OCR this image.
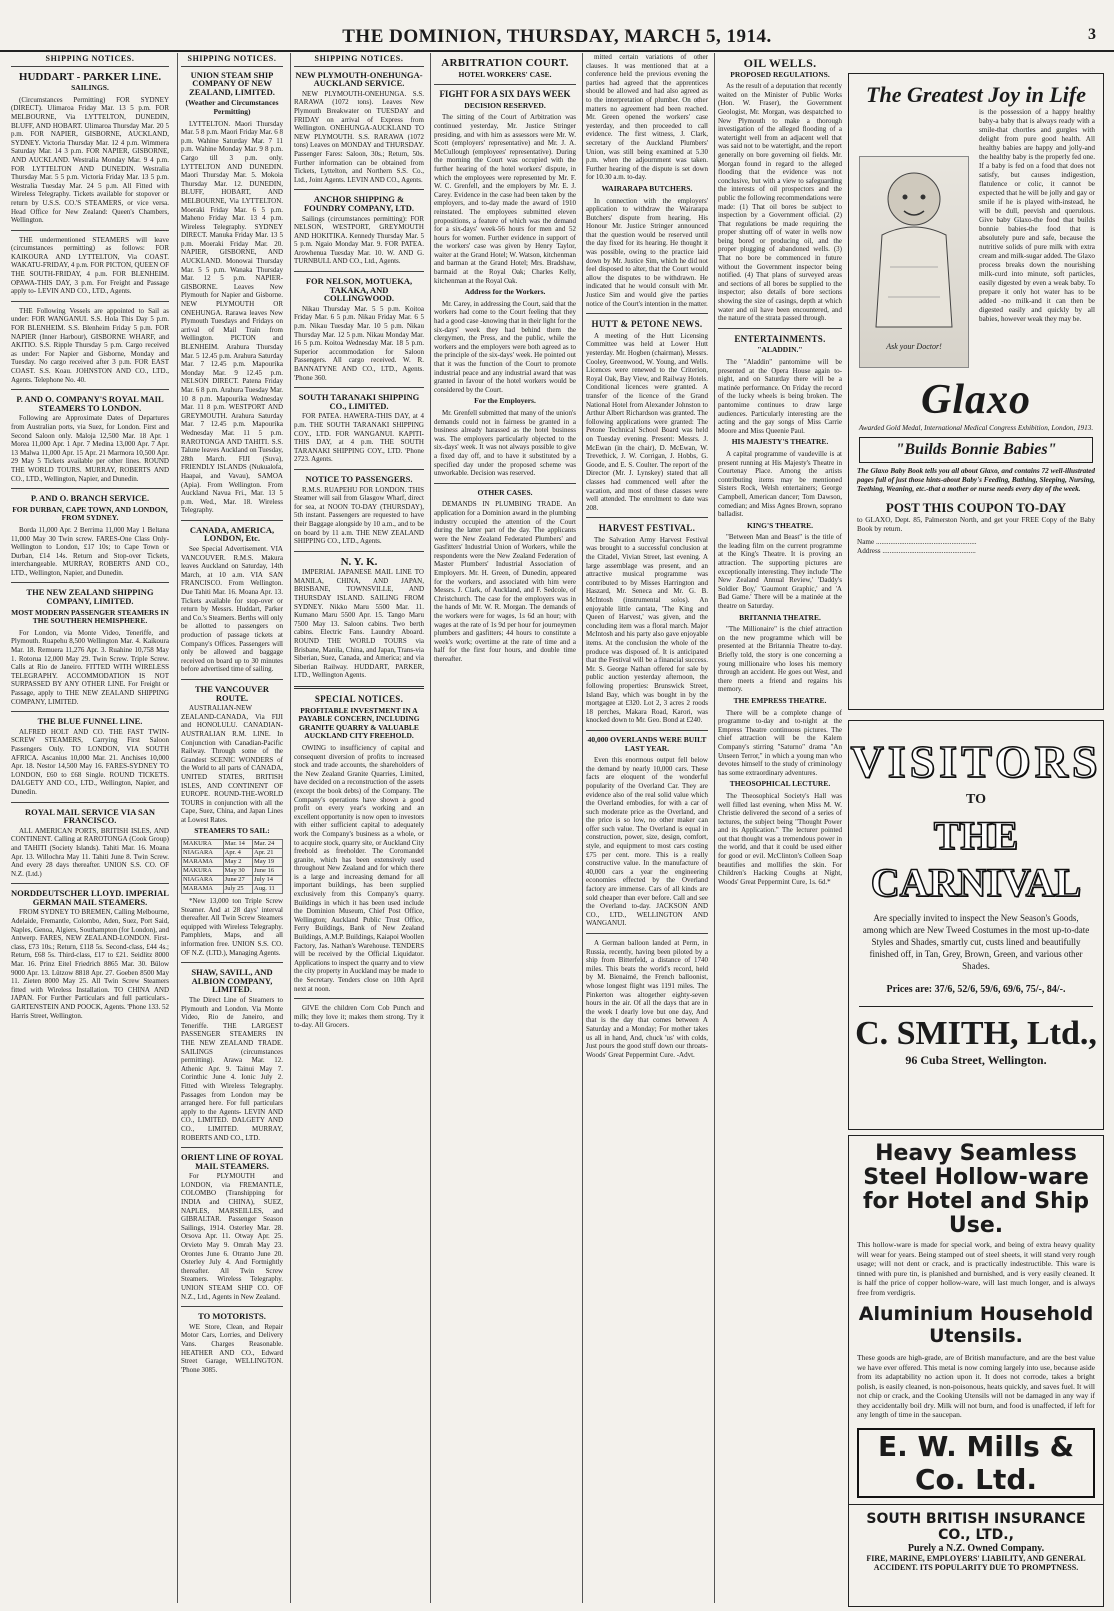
THE DOMINION, THURSDAY, MARCH 5, 1914.	3
SHIPPING NOTICES.
HUDDART - PARKER LINE.
SAILINGS.

(Circumstances Permitting) FOR SYDNEY (DIRECT). Ulimaroa Friday Mar. 13 5 p.m. FOR MELBOURNE, Via LYTTELTON, DUNEDIN, BLUFF, AND HOBART. Ulimaroa Thursday Mar. 20 5 p.m. FOR NAPIER, GISBORNE, AUCKLAND, SYDNEY. Victoria Thursday Mar. 12 4 p.m. Wimmera Saturday Mar. 14 3 p.m. FOR NAPIER, GISBORNE, AND AUCKLAND. Westralia Monday Mar. 9 4 p.m. FOR LYTTELTON AND DUNEDIN. Westralia Thursday Mar. 5 5 p.m. Victoria Friday Mar. 13 5 p.m. Westralia Tuesday Mar. 24 5 p.m. All Fitted with Wireless Telegraphy. Tickets available for stopover or return by U.S.S. CO.'S STEAMERS, or vice versa. Head Office for New Zealand: Queen's Chambers, Wellington.

THE undermentioned STEAMERS will leave (circumstances permitting) as follows: FOR KAIKOURA AND LYTTELTON, Via COAST. WAKATU-FRIDAY, 4 p.m. FOR PICTON, QUEEN OF THE SOUTH-FRIDAY, 4 p.m. FOR BLENHEIM. OPAWA-THIS DAY, 3 p.m. For Freight and Passage apply to- LEVIN AND CO., LTD., Agents.

THE Following Vessels are appointed to Sail as under: FOR WANGANUI. S.S. Hola This Day 5 p.m. FOR BLENHEIM. S.S. Blenheim Friday 5 p.m. FOR NAPIER (Inner Harbour), GISBORNE WHARF, and AKITIO. S.S. Ripple Thursday 5 p.m. Cargo received as under: For Napier and Gisborne, Monday and Tuesday. No cargo received after 3 p.m. FOR EAST COAST. S.S. Koau. JOHNSTON AND CO., LTD., Agents. Telephone No. 40.

P. AND O. COMPANY'S ROYAL MAIL STEAMERS TO LONDON.

Following are Approximate Dates of Departures from Australian ports, via Suez, for London. First and Second Saloon only. Maloja 12,500 Mar. 18 Apr. 1 Morea 11,000 Apr. 1 Apr. 7 Medina 13,000 Apr. 7 Apr. 13 Malwa 11,000 Apr. 15 Apr. 21 Marmora 10,500 Apr. 29 May 5 Tickets available per other lines. ROUND THE WORLD TOURS. MURRAY, ROBERTS AND CO., LTD., Wellington, Napier, and Dunedin.

P. AND O. BRANCH SERVICE.
FOR DURBAN, CAPE TOWN, AND LONDON, FROM SYDNEY.

Borda 11,000 Apr. 2 Berrima 11,000 May 1 Beltana 11,000 May 30 Twin screw. FARES-One Class Only-Wellington to London, £17 10s; to Cape Town or Durban, £14 14s. Return and Stop-over Tickets, interchangeable. MURRAY, ROBERTS AND CO., LTD., Wellington, Napier, and Dunedin.

THE NEW ZEALAND SHIPPING COMPANY, LIMITED.
MOST MODERN PASSENGER STEAMERS IN THE SOUTHERN HEMISPHERE.

For London, via Monte Video, Teneriffe, and Plymouth. Ruapehu 8,500 Wellington Mar. 4. Kaikoura Mar. 18. Remuera 11,276 Apr. 3. Ruahine 10,758 May 1. Rotorua 12,000 May 29. Twin Screw. Triple Screw. Calls at Rio de Janeiro. FITTED WITH WIRELESS TELEGRAPHY. ACCOMMODATION IS NOT SURPASSED BY ANY OTHER LINE. For Freight or Passage, apply to THE NEW ZEALAND SHIPPING COMPANY, LIMITED.

THE BLUE FUNNEL LINE.

ALFRED HOLT AND CO. THE FAST TWIN-SCREW STEAMERS, Carrying First Saloon Passengers Only. TO LONDON, VIA SOUTH AFRICA. Ascanius 10,000 Mar. 21. Anchises 10,000 Apr. 18. Nestor 14,500 May 16. FARES-SYDNEY TO LONDON, £60 to £68 Single. ROUND TICKETS. DALGETY AND CO., LTD., Wellington, Napier, and Dunedin.

ROYAL MAIL SERVICE VIA SAN FRANCISCO.

ALL AMERICAN PORTS, BRITISH ISLES, AND CONTINENT. Calling at RAROTONGA (Cook Group) and TAHITI (Society Islands). Tahiti Mar. 16. Moana Apr. 13. Willochra May 11. Tahiti June 8. Twin Screw. And every 28 days thereafter. UNION S.S. CO. OF N.Z. (Ltd.)

NORDDEUTSCHER LLOYD. IMPERIAL GERMAN MAIL STEAMERS.

FROM SYDNEY TO BREMEN, Calling Melbourne, Adelaide, Fremantle, Colombo, Aden, Suez, Port Said, Naples, Genoa, Algiers, Southampton (for London), and Antwerp. FARES, NEW ZEALAND-LONDON. First-class, £73 10s.; Return, £118 5s. Second-class, £44 4s.; Return, £68 5s. Third-class, £17 to £21. Seidlitz 8000 Mar. 16. Prinz Eitel Friedrich 8865 Mar. 30. Bülow 9000 Apr. 13. Lützow 8818 Apr. 27. Goeben 8500 May 11. Zieten 8000 May 25. All Twin Screw Steamers fitted with Wireless Installation. TO CHINA AND JAPAN. For Further Particulars and full particulars.-GARTENSTEIN AND POOCK, Agents. 'Phone 133. 52 Harris Street, Wellington.

SHIPPING NOTICES.
UNION STEAM SHIP COMPANY OF NEW ZEALAND, LIMITED.
(Weather and Circumstances Permitting)

LYTTELTON. Maori Thursday Mar. 5 8 p.m. Maori Friday Mar. 6 8 p.m. Wahine Saturday Mar. 7 11 p.m. Wahine Monday Mar. 9 8 p.m. Cargo till 3 p.m. only. LYTTELTON AND DUNEDIN. Maori Thursday Mar. 5. Mokoia Thursday Mar. 12. DUNEDIN, BLUFF, HOBART, AND MELBOURNE, Via LYTTELTON. Moeraki Friday Mar. 6 5 p.m. Maheno Friday Mar. 13 4 p.m. Wireless Telegraphy. SYDNEY DIRECT. Manuka Friday Mar. 13 5 p.m. Moeraki Friday Mar. 20. NAPIER, GISBORNE, AND AUCKLAND. Monowai Thursday Mar. 5 5 p.m. Wanaka Thursday Mar. 12 5 p.m. NAPIER-GISBORNE. Leaves New Plymouth for Napier and Gisborne. NEW PLYMOUTH OR ONEHUNGA. Rarawa leaves New Plymouth Tuesdays and Fridays on arrival of Mail Train from Wellington. PICTON and BLENHEIM. Arahura Thursday Mar. 5 12.45 p.m. Arahura Saturday Mar. 7 12.45 p.m. Mapourika Monday Mar. 9 12.45 p.m. NELSON DIRECT. Patena Friday Mar. 6 8 p.m. Arahura Tuesday Mar. 10 8 p.m. Mapourika Wednesday Mar. 11 8 p.m. WESTPORT AND GREYMOUTH. Arahura Saturday Mar. 7 12.45 p.m. Mapourika Wednesday Mar. 11 5 p.m. RAROTONGA AND TAHITI. S.S. Talune leaves Auckland on Tuesday, 28th March. FIJI (Suva), FRIENDLY ISLANDS (Nukualofa, Haapai, and Vavau), SAMOA (Apia). From Wellington. From Auckland Navua Fri., Mar. 13 5 p.m. Wed., Mar. 18. Wireless Telegraphy.

CANADA, AMERICA, LONDON, Etc.

See Special Advertisement. VIA VANCOUVER. R.M.S. Makura leaves Auckland on Saturday, 14th March, at 10 a.m. VIA SAN FRANCISCO. From Wellington. Due Tahiti Mar. 16. Moana Apr. 13. Tickets available for stop-over or return by Messrs. Huddart, Parker and Co.'s Steamers. Berths will only be allotted to passengers on production of passage tickets at Company's Offices. Passengers will only be allowed and baggage received on board up to 30 minutes before advertised time of sailing.

THE VANCOUVER ROUTE.

AUSTRALIAN-NEW ZEALAND-CANADA, Via FIJI and HONOLULU. CANADIAN-AUSTRALIAN R.M. LINE. In Conjunction with Canadian-Pacific Railway. Through some of the Grandest SCENIC WONDERS of the World to all parts of CANADA, UNITED STATES, BRITISH ISLES, AND CONTINENT OF EUROPE. ROUND-THE-WORLD TOURS in conjunction with all the Cape, Suez, China, and Japan Lines at Lowest Rates.

STEAMERS TO SAIL:
MAKURA	Mar. 14	Mar. 24
NIAGARA	Apr. 4	Apr. 21
MARAMA	May 2	May 19
MAKURA	May 30	June 16
NIAGARA	June 27	July 14
MARAMA	July 25	Aug. 11

*New 13,000 ton Triple Screw Steamer. And at 28 days' interval thereafter. All Twin Screw Steamers equipped with Wireless Telegraphy. Pamphlets, Maps, and all information free. UNION S.S. CO. OF N.Z. (LTD.), Managing Agents.

SHAW, SAVILL, AND ALBION COMPANY, LIMITED.

The Direct Line of Steamers to Plymouth and London. Via Monte Video, Rio de Janeiro, and Teneriffe. THE LARGEST PASSENGER STEAMERS IN THE NEW ZEALAND TRADE. SAILINGS (circumstances permitting). Arawa Mar. 12. Athenic Apr. 9. Tainui May 7. Corinthic June 4. Ionic July 2. Fitted with Wireless Telegraphy. Passages from London may be arranged here. For full particulars apply to the Agents- LEVIN AND CO., LIMITED. DALGETY AND CO., LIMITED. MURRAY, ROBERTS AND CO., LTD.

ORIENT LINE OF ROYAL MAIL STEAMERS.

For PLYMOUTH and LONDON, via FREMANTLE, COLOMBO (Transhipping for INDIA and CHINA), SUEZ, NAPLES, MARSEILLES, and GIBRALTAR. Passenger Season Sailings, 1914. Osterley Mar. 28. Orsova Apr. 11. Otway Apr. 25. Orvieto May 9. Omrah May 23. Orontes June 6. Otranto June 20. Osterley July 4. And Fortnightly thereafter. All Twin Screw Steamers. Wireless Telegraphy. UNION STEAM SHIP CO. OF N.Z., Ltd., Agents in New Zealand.

TO MOTORISTS.

WE Store, Clean, and Repair Motor Cars, Lorries, and Delivery Vans. Charges Reasonable. HEATHER AND CO., Edward Street Garage, WELLINGTON. 'Phone 3085.

SHIPPING NOTICES.
NEW PLYMOUTH-ONEHUNGA-AUCKLAND SERVICE.

NEW PLYMOUTH-ONEHUNGA. S.S. RARAWA (1072 tons). Leaves New Plymouth Breakwater on TUESDAY and FRIDAY on arrival of Express from Wellington. ONEHUNGA-AUCKLAND TO NEW PLYMOUTH. S.S. RARAWA (1072 tons) Leaves on MONDAY and THURSDAY. Passenger Fares: Saloon, 30s.; Return, 50s. Further information can be obtained from Tickets, Lyttelton, and Northern S.S. Co., Ltd., Joint Agents. LEVIN AND CO., Agents.

ANCHOR SHIPPING & FOUNDRY COMPANY, LTD.

Sailings (circumstances permitting): FOR NELSON, WESTPORT, GREYMOUTH AND HOKITIKA. Kennedy Thursday Mar. 5 5 p.m. Ngaio Monday Mar. 9. FOR PATEA. Arowhenua Tuesday Mar. 10. W. AND G. TURNBULL AND CO., Ltd., Agents.

FOR NELSON, MOTUEKA, TAKAKA, AND COLLINGWOOD.

Nikau Thursday Mar. 5 5 p.m. Koitoa Friday Mar. 6 5 p.m. Nikau Friday Mar. 6 5 p.m. Nikau Tuesday Mar. 10 5 p.m. Nikau Thursday Mar. 12 5 p.m. Nikau Monday Mar. 16 5 p.m. Koitoa Wednesday Mar. 18 5 p.m. Superior accommodation for Saloon Passengers. All cargo received. W. R. BANNATYNE AND CO., LTD., Agents. 'Phone 360.

SOUTH TARANAKI SHIPPING CO., LIMITED.

FOR PATEA. HAWERA-THIS DAY, at 4 p.m. THE SOUTH TARANAKI SHIPPING COY., LTD. FOR WANGANUI. KAPITI-THIS DAY, at 4 p.m. THE SOUTH TARANAKI SHIPPING COY., LTD. 'Phone 2723. Agents.

NOTICE TO PASSENGERS.

R.M.S. RUAPEHU FOR LONDON. THIS Steamer will sail from Glasgow Wharf, direct for sea, at NOON TO-DAY (THURSDAY), 5th instant. Passengers are requested to have their Baggage alongside by 10 a.m., and to be on board by 11 a.m. THE NEW ZEALAND SHIPPING CO., LTD., Agents.

N. Y. K.

IMPERIAL JAPANESE MAIL LINE TO MANILA, CHINA, AND JAPAN, BRISBANE, TOWNSVILLE, AND THURSDAY ISLAND. SAILING FROM SYDNEY. Nikko Maru 5500 Mar. 11. Kumano Maru 5500 Apr. 15. Tango Maru 7500 May 13. Saloon cabins. Two berth cabins. Electric Fans. Laundry Aboard. ROUND THE WORLD TOURS via Brisbane, Manila, China, and Japan, Trans-via Siberian, Suez, Canada, and America; and via Siberian Railway. HUDDART, PARKER, LTD., Wellington Agents.

SPECIAL NOTICES.
PROFITABLE INVESTMENT IN A PAYABLE CONCERN, INCLUDING GRANITE QUARRY & VALUABLE AUCKLAND CITY FREEHOLD.

OWING to insufficiency of capital and consequent diversion of profits to increased stock and trade accounts, the shareholders of the New Zealand Granite Quarries, Limited, have decided on a reconstruction of the assets (except the book debts) of the Company. The Company's operations have shown a good profit on every year's working and an excellent opportunity is now open to investors with either sufficient capital to adequately work the Company's business as a whole, or to acquire stock, quarry site, or Auckland City freehold as freeholder. The Coromandel granite, which has been extensively used throughout New Zealand and for which there is a large and increasing demand for all important buildings, has been supplied exclusively from this Company's quarry. Buildings in which it has been used include the Dominion Museum, Chief Post Office, Wellington; Auckland Public Trust Office, Ferry Buildings, Bank of New Zealand Buildings, A.M.P. Buildings, Kaiapoi Woollen Factory, Jas. Nathan's Warehouse. TENDERS will be received by the Official Liquidator. Applications to inspect the quarry and to view the city property in Auckland may be made to the Secretary. Tenders close on 10th April next at noon.

GIVE the children Corn Cob Punch and milk; they love it; makes them strong. Try it to-day. All Grocers.

ARBITRATION COURT.
HOTEL WORKERS' CASE.
FIGHT FOR A SIX DAYS WEEK
DECISION RESERVED.

The sitting of the Court of Arbitration was continued yesterday, Mr. Justice Stringer presiding, and with him as assessors were Mr. W. Scott (employers' representative) and Mr. J. A. McCullough (employees' representative). During the morning the Court was occupied with the further hearing of the hotel workers' dispute, in which the employees were represented by Mr. F. W. C. Grenfell, and the employers by Mr. E. J. Carey. Evidence in the case had been taken by the employers, and to-day made the award of 1910 reinstated. The employees submitted eleven propositions, a feature of which was the demand for a six-days' week-56 hours for men and 52 hours for women. Further evidence in support of the workers' case was given by Henry Taylor, waiter at the Grand Hotel; W. Watson, kitchenman and barman at the Grand Hotel; Mrs. Bradshaw, barmaid at the Royal Oak; Charles Kelly, kitchenman at the Royal Oak.

Address for the Workers.

Mr. Carey, in addressing the Court, said that the workers had come to the Court feeling that they had a good case -knowing that in their light for the six-days' week they had behind them the clergymen, the Press, and the public, while the workers and the employers were both agreed as to the principle of the six-days' week. He pointed out that it was the function of the Court to promote industrial peace and any industrial award that was granted in favour of the hotel workers would be considered by the Court.

For the Employers.

Mr. Grenfell submitted that many of the union's demands could not in fairness be granted in a business already harassed as the hotel business was. The employers particularly objected to the six-days' week. It was not always possible to give a fixed day off, and to have it substituted by a specified day under the proposed scheme was unworkable. Decision was reserved.

OTHER CASES.

DEMANDS IN PLUMBING TRADE. An application for a Dominion award in the plumbing industry occupied the attention of the Court during the latter part of the day. The applicants were the New Zealand Federated Plumbers' and Gasfitters' Industrial Union of Workers, while the respondents were the New Zealand Federation of Master Plumbers' Industrial Association of Employers. Mr. H. Green, of Dunedin, appeared for the workers, and associated with him were Messrs. J. Clark, of Auckland, and F. Sedcole, of Christchurch. The case for the employers was in the hands of Mr. W. R. Morgan. The demands of the workers were for wages, 1s 6d an hour; with wages at the rate of 1s 9d per hour for journeymen plumbers and gasfitters; 44 hours to constitute a week's work; overtime at the rate of time and a half for the first four hours, and double time thereafter.

mitted certain variations of other clauses. It was mentioned that at a conference held the previous evening the parties had agreed that the apprentices should be allowed and had also agreed as to the interpretation of plumber. On other matters no agreement had been reached. Mr. Green opened the workers' case yesterday, and then proceeded to call evidence. The first witness, J. Clark, secretary of the Auckland Plumbers' Union, was still being examined at 5.30 p.m. when the adjournment was taken. Further hearing of the dispute is set down for 10.30 a.m. to-day.

WAIRARAPA BUTCHERS.

In connection with the employers' application to withdraw the Wairarapa Butchers' dispute from hearing, His Honour Mr. Justice Stringer announced that the question would be reserved until the day fixed for its hearing. He thought it was possible, owing to the practice laid down by Mr. Justice Sim, which he did not feel disposed to alter, that the Court would allow the disputes to be withdrawn. He indicated that he would consult with Mr. Justice Sim and would give the parties notice of the Court's intention in the matter.

HUTT & PETONE NEWS.

A meeting of the Hutt Licensing Committee was held at Lower Hutt yesterday. Mr. Hogben (chairman), Messrs. Cooley, Greenwood, W. Young, and Wells. Licences were renewed to the Criterion, Royal Oak, Bay View, and Railway Hotels. Conditional licences were granted. A transfer of the licence of the Grand National Hotel from Alexander Johnston to Arthur Albert Richardson was granted. The following applications were granted: The Petone Technical School Board was held on Tuesday evening. Present: Messrs. J. McEwan (in the chair), D. McEwan, W. Trevethick, J. W. Corrigan, J. Hobbs, G. Goode, and E. S. Coulter. The report of the Director (Mr. J. Lynskey) stated that all classes had commenced well after the vacation, and most of these classes were well attended. The enrolment to date was 208.

HARVEST FESTIVAL.

The Salvation Army Harvest Festival was brought to a successful conclusion at the Citadel, Vivian Street, last evening. A large assemblage was present, and an attractive musical programme was contributed to by Misses Harrington and Haszard, Mr. Seneca and Mr. G. B. McIntosh (instrumental solos). An enjoyable little cantata, 'The King and Queen of Harvest,' was given, and the concluding item was a floral march. Major McIntosh and his party also gave enjoyable items. At the conclusion the whole of the produce was disposed of. It is anticipated that the Festival will be a financial success. Mr. S. George Nathan offered for sale by public auction yesterday afternoon, the following properties: Brunswick Street, Island Bay, which was bought in by the mortgagee at £320. Lot 2, 3 acres 2 roods 18 perches, Makara Road, Karori, was knocked down to Mr. Geo. Bond at £240.

40,000 OVERLANDS WERE BUILT LAST YEAR.

Even this enormous output fell below the demand by nearly 10,000 cars. These facts are eloquent of the wonderful popularity of the Overland Car. They are evidence also of the real solid value which the Overland embodies, for with a car of such moderate price as the Overland, and the price is so low, no other maker can offer such value. The Overland is equal in construction, power, size, design, comfort, style, and equipment to most cars costing £75 per cent. more. This is a really constructive value. In the manufacture of 40,000 cars a year the engineering economies effected by the Overland factory are immense. Cars of all kinds are sold cheaper than ever before. Call and see the Overland to-day. JACKSON AND CO., LTD., WELLINGTON AND WANGANUI.

A German balloon landed at Perm, in Russia, recently, having been piloted by a ship from Bitterfeld, a distance of 1740 miles. This beats the world's record, held by M. Bienaimé, the French balloonist, whose longest flight was 1191 miles. The Pinkerton was altogether eighty-seven hours in the air. Of all the days that are in the week I dearly love but one day, And that is the day that comes between A Saturday and a Monday; For mother takes us all in hand, And, chuck 'us' with colds, Just pours the good stuff down our throats- Woods' Great Peppermint Cure. -Advt.

OIL WELLS.
PROPOSED REGULATIONS.

As the result of a deputation that recently waited on the Minister of Public Works (Hon. W. Fraser), the Government Geologist, Mr. Morgan, was despatched to New Plymouth to make a thorough investigation of the alleged flooding of a watertight well from an adjacent well that was said not to be watertight, and the report generally on bore governing oil fields. Mr. Morgan found in regard to the alleged flooding that the evidence was not conclusive, but with a view to safeguarding the interests of oil prospectors and the public the following recommendations were made: (1) That oil bores be subject to inspection by a Government official. (2) That regulations be made requiring the proper shutting off of water in wells now being bored or producing oil, and the proper plugging of abandoned wells. (3) That no bore be commenced in future without the Government inspector being notified. (4) That plans of surveyed areas and sections of all bores be supplied to the inspector; also details of bore sections showing the size of casings, depth at which water and oil have been encountered, and the nature of the strata passed through.

ENTERTAINMENTS.
"ALADDIN."

The "Aladdin" pantomime will be presented at the Opera House again to-night, and on Saturday there will be a matinée performance. On Friday the record of the lucky wheels is being broken. The pantomime continues to draw large audiences. Particularly interesting are the acting and the gay songs of Miss Carrie Moore and Miss Queenie Paul.

HIS MAJESTY'S THEATRE.

A capital programme of vaudeville is at present running at His Majesty's Theatre in Courtenay Place. Among the artists contributing items may be mentioned Sisters Rock, Welsh entertainers; George Campbell, American dancer; Tom Dawson, comedian; and Miss Agnes Brown, soprano balladist.

KING'S THEATRE.

"Between Man and Beast" is the title of the leading film on the current programme at the King's Theatre. It is proving an attraction. The supporting pictures are exceptionally interesting. They include 'The New Zealand Annual Review,' 'Daddy's Soldier Boy,' 'Gaumont Graphic,' and 'A Bad Game.' There will be a matinée at the theatre on Saturday.

BRITANNIA THEATRE.

"The Millionaire" is the chief attraction on the new programme which will be presented at the Britannia Theatre to-day. Briefly told, the story is one concerning a young millionaire who loses his memory through an accident. He goes out West, and there meets a friend and regains his memory.

THE EMPRESS THEATRE.

There will be a complete change of programme to-day and to-night at the Empress Theatre continuous pictures. The chief attraction will be the Kalem Company's stirring "Saturno" drama "An Unseen Terror," in which a young man who devotes himself to the study of criminology has some extraordinary adventures.

THEOSOPHICAL LECTURE.

The Theosophical Society's Hall was well filled last evening, when Miss M. W. Christie delivered the second of a series of lectures, the subject being "Thought Power and its Application." The lecturer pointed out that thought was a tremendous power in the world, and that it could be used either for good or evil. McClinton's Colleen Soap beautifies and mollifies the skin. For Children's Hacking Coughs at Night, Woods' Great Peppermint Cure, 1s. 6d.*

The Greatest Joy in Life
Ask your Doctor!
is the possession of a happy healthy baby-a baby that is always ready with a smile-that chortles and gurgles with delight from pure good health. All healthy babies are happy and jolly-and the healthy baby is the properly fed one. If a baby is fed on a food that does not satisfy, but causes indigestion, flatulence or colic, it cannot be expected that he will be jolly and gay or smile if he is played with-instead, he will be dull, peevish and querulous. Give baby Glaxo-the food that builds bonnie babies-the food that is absolutely pure and safe, because the nutritive solids of pure milk with extra cream and milk-sugar added. The Glaxo process breaks down the nourishing milk-curd into minute, soft particles, easily digested by even a weak baby. To prepare it only hot water has to be added -no milk-and it can then be digested easily and quickly by all babies, however weak they may be.
Glaxo
Awarded Gold Medal, International Medical Congress Exhibition, London, 1913.
"Builds Bonnie Babies"
The Glaxo Baby Book tells you all about Glaxo, and contains 72 well-illustrated pages full of just those hints-about Baby's Feeding, Bathing, Sleeping, Nursing, Teething, Weaning, etc.-that a mother or nurse needs every day of the week.
POST THIS COUPON TO-DAY
to GLAXO, Dept. 85, Palmerston North, and get your FREE Copy of the Baby Book by return.
Name ........................................................
Address ....................................................
VISITORS
TO
THE CARNIVAL
Are specially invited to inspect the New Season's Goods, among which are New Tweed Costumes in the most up-to-date Styles and Shades, smartly cut, custs lined and beautifully finished off, in Tan, Grey, Brown, Green, and various other Shades.
Prices are: 37/6, 52/6, 59/6, 69/6, 75/-, 84/-.
C. SMITH, Ltd.,
96 Cuba Street, Wellington.
Heavy Seamless Steel Hollow-ware for Hotel and Ship Use.
This hollow-ware is made for special work, and being of extra heavy quality will wear for years. Being stamped out of steel sheets, it will stand very rough usage; will not dent or crack, and is practically indestructible. This ware is tinned with pure tin, is planished and burnished, and is very easily cleaned. It is half the price of copper hollow-ware, will last much longer, and is always free from verdigris.
Aluminium Household Utensils.
These goods are high-grade, are of British manufacture, and are the best value we have ever offered. This metal is now coming largely into use, because aside from its adaptability no action upon it. It does not corrode, takes a bright polish, is easily cleaned, is non-poisonous, heats quickly, and saves fuel. It will not chip or crack, and the Cooking Utensils will not be damaged in any way if they accidentally boil dry. Milk will not burn, and food is unaffected, if left for any length of time in the saucepan.
E. W. Mills & Co. Ltd.
SOUTH BRITISH INSURANCE CO., LTD.,
Purely a N.Z. Owned Company.
FIRE, MARINE, EMPLOYERS' LIABILITY, AND GENERAL ACCIDENT. ITS POPULARITY DUE TO PROMPTNESS.
